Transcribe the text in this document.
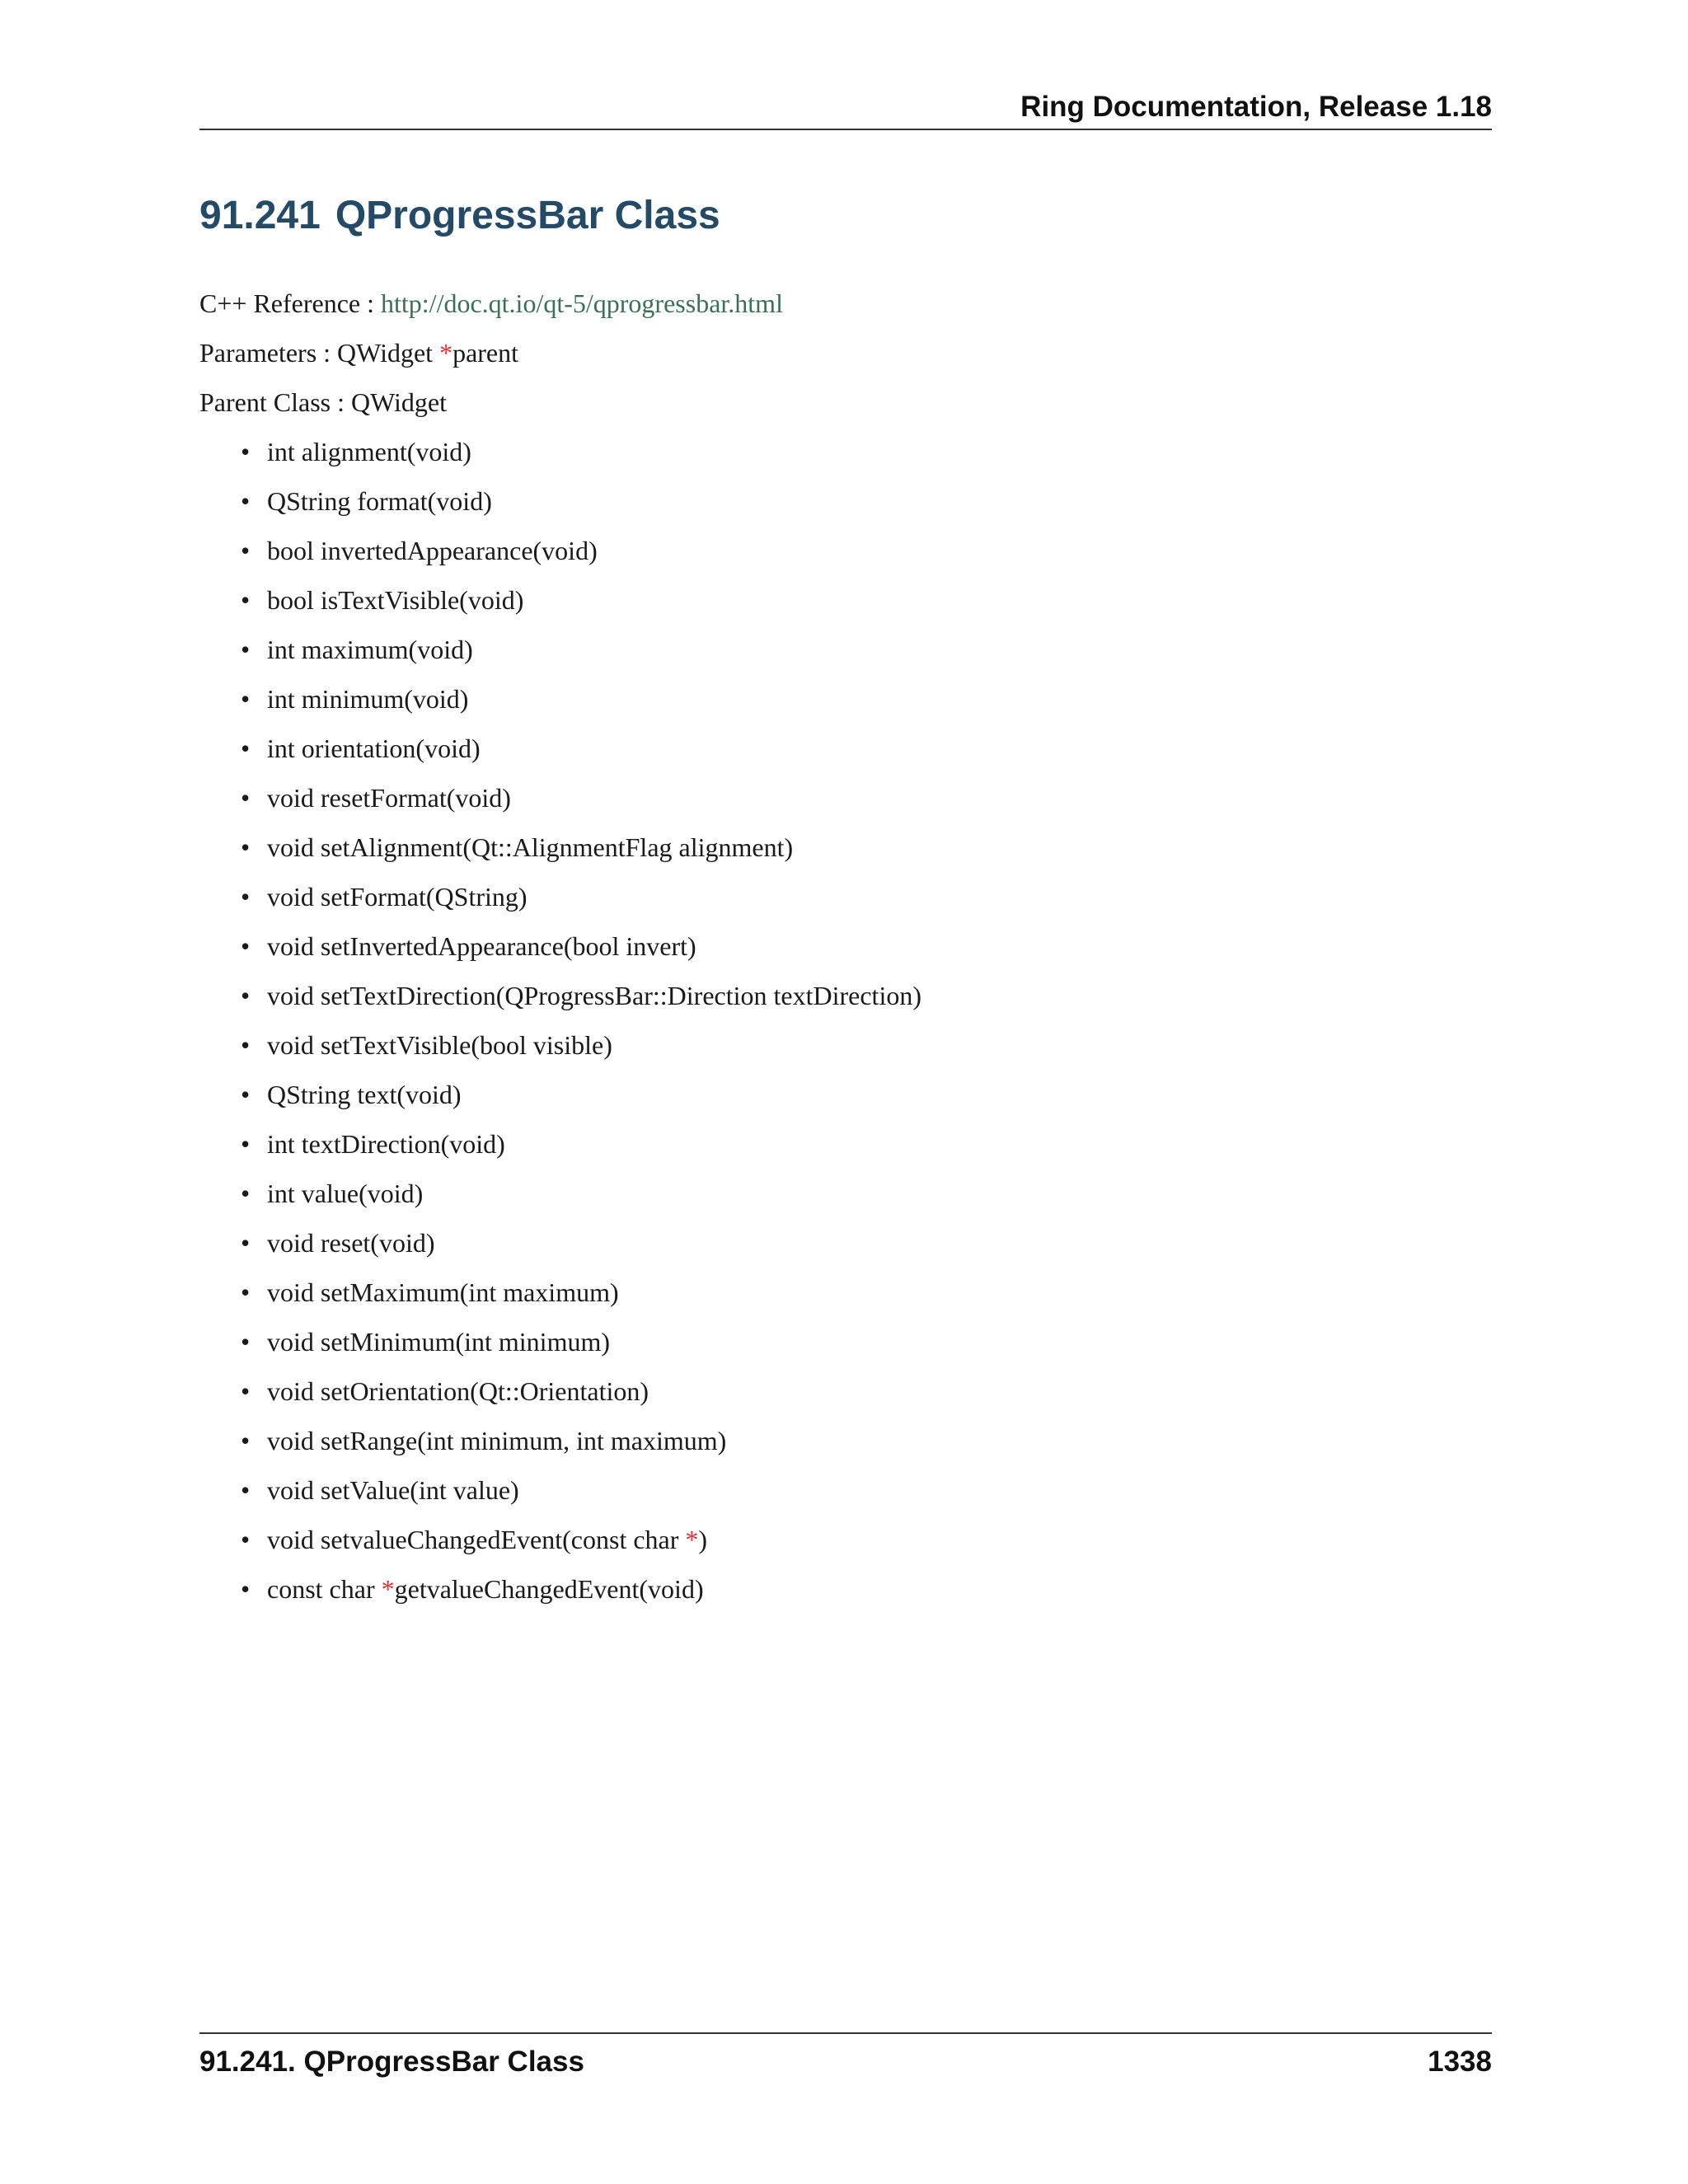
Ring Documentation, Release 1.18
91.241 QProgressBar Class
C++ Reference : http://doc.qt.io/qt-5/qprogressbar.html
Parameters : QWidget *parent
Parent Class : QWidget
• int alignment(void)
• QString format(void)
• bool invertedAppearance(void)
• bool isTextVisible(void)
• int maximum(void)
• int minimum(void)
• int orientation(void)
• void resetFormat(void)
• void setAlignment(Qt::AlignmentFlag alignment)
• void setFormat(QString)
• void setInvertedAppearance(bool invert)
• void setTextDirection(QProgressBar::Direction textDirection)
• void setTextVisible(bool visible)
• QString text(void)
• int textDirection(void)
• int value(void)
• void reset(void)
• void setMaximum(int maximum)
• void setMinimum(int minimum)
• void setOrientation(Qt::Orientation)
• void setRange(int minimum, int maximum)
• void setValue(int value)
• void setvalueChangedEvent(const char *)
• const char *getvalueChangedEvent(void)
91.241. QProgressBar Class	1338
